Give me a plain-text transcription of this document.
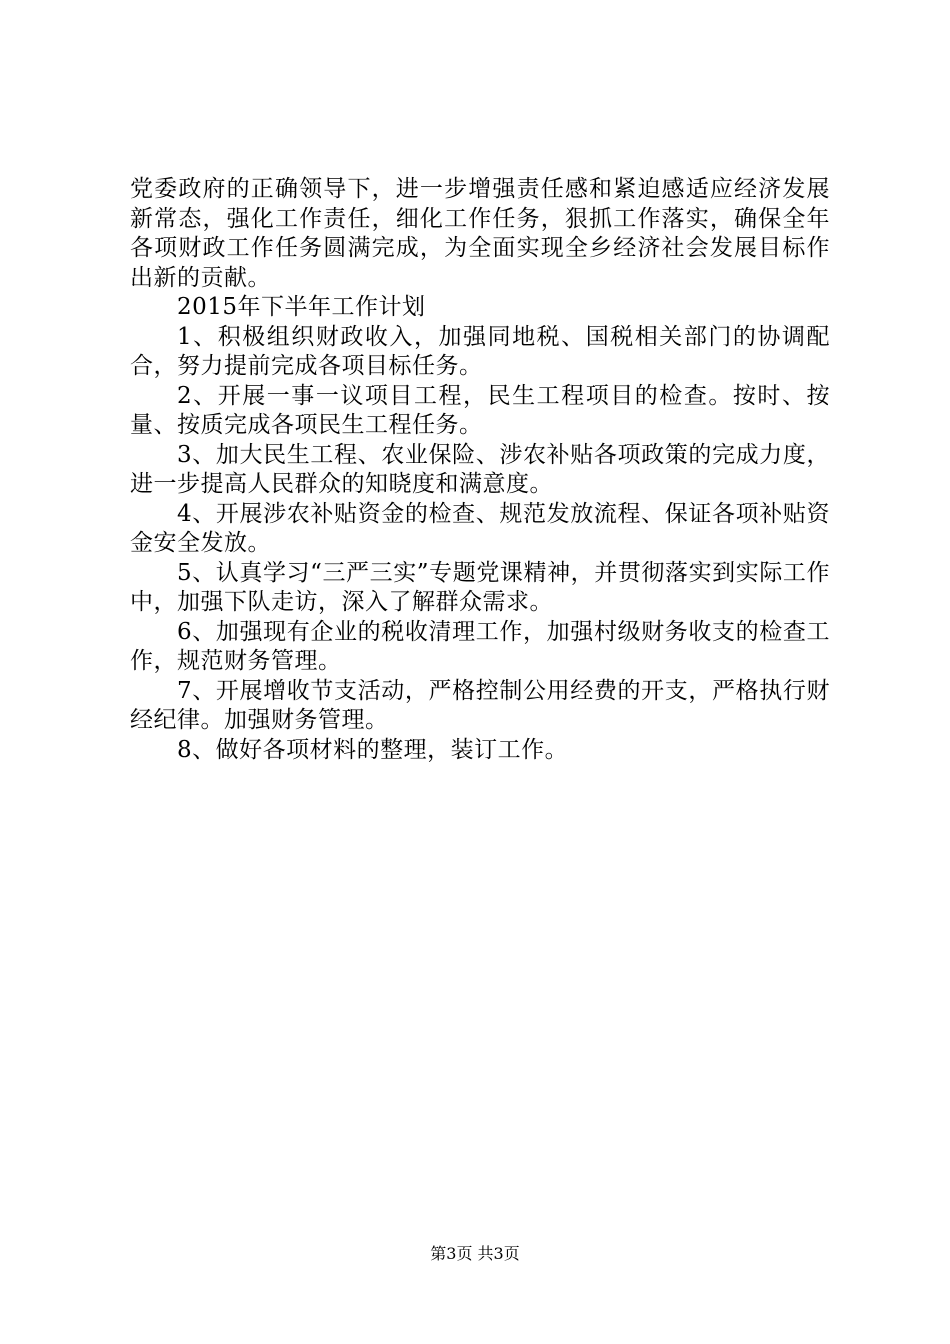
党委政府的正确领导下，进一步增强责任感和紧迫感适应经济发展新常态，强化工作责任，细化工作任务，狠抓工作落实，确保全年各项财政工作任务圆满完成，为全面实现全乡经济社会发展目标作出新的贡献。

2015年下半年工作计划

1、积极组织财政收入，加强同地税、国税相关部门的协调配合，努力提前完成各项目标任务。

2、开展一事一议项目工程，民生工程项目的检查。按时、按量、按质完成各项民生工程任务。

3、加大民生工程、农业保险、涉农补贴各项政策的完成力度，进一步提高人民群众的知晓度和满意度。

4、开展涉农补贴资金的检查、规范发放流程、保证各项补贴资金安全发放。

5、认真学习“三严三实”专题党课精神，并贯彻落实到实际工作中，加强下队走访，深入了解群众需求。

6、加强现有企业的税收清理工作，加强村级财务收支的检查工作，规范财务管理。

7、开展增收节支活动，严格控制公用经费的开支，严格执行财经纪律。加强财务管理。

8、做好各项材料的整理，装订工作。

第3页 共3页
